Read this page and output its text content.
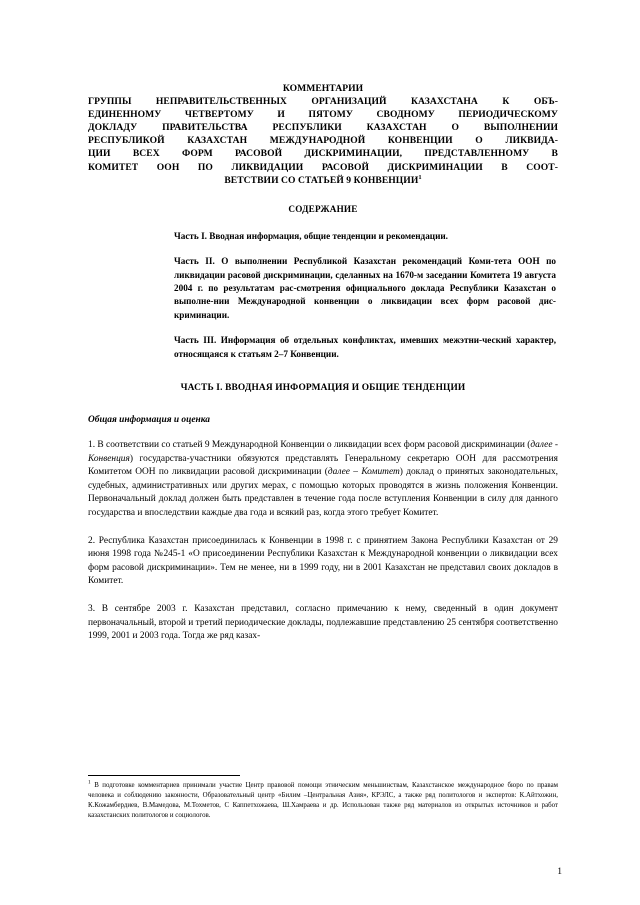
КОММЕНТАРИИ
ГРУППЫ НЕПРАВИТЕЛЬСТВЕННЫХ ОРГАНИЗАЦИЙ КАЗАХСТАНА К ОБЪ-
ЕДИНЕННОМУ ЧЕТВЕРТОМУ И ПЯТОМУ СВОДНОМУ ПЕРИОДИЧЕСКОМУ
ДОКЛАДУ ПРАВИТЕЛЬСТВА РЕСПУБЛИКИ КАЗАХСТАН О ВЫПОЛНЕНИИ
РЕСПУБЛИКОЙ КАЗАХСТАН МЕЖДУНАРОДНОЙ КОНВЕНЦИИ О ЛИКВИДА-
ЦИИ ВСЕХ ФОРМ РАСОВОЙ ДИСКРИМИНАЦИИ, ПРЕДСТАВЛЕННОМУ В
КОМИТЕТ ООН ПО ЛИКВИДАЦИИ РАСОВОЙ ДИСКРИМИНАЦИИ В СООТ-
ВЕТСТВИИ СО СТАТЬЕЙ 9 КОНВЕНЦИИ$^1$
СОДЕРЖАНИЕ
Часть I. Вводная информация, общие тенденции и рекомендации.
Часть II. О выполнении Республикой Казахстан рекомендаций Коми-тета ООН по ликвидации расовой дискриминации, сделанных на 1670-м заседании Комитета 19 августа 2004 г. по результатам рас-смотрения официального доклада Республики Казахстан о выполне-нии Международной конвенции о ликвидации всех форм расовой дис-криминации.
Часть III. Информация об отдельных конфликтах, имевших межэтни-ческий характер, относящаяся к статьям 2–7 Конвенции.
ЧАСТЬ I. ВВОДНАЯ ИНФОРМАЦИЯ И ОБЩИЕ ТЕНДЕНЦИИ
Общая информация и оценка
1. В соответствии со статьей 9 Международной Конвенции о ликвидации всех форм расовой дискриминации (далее - Конвенция) государства-участники обязуются представлять Генеральному секретарю ООН для рассмотрения Комитетом ООН по ликвидации расовой дискриминации (далее – Комитет) доклад о принятых законодательных, судебных, административных или других мерах, с помощью которых проводятся в жизнь положения Конвенции. Первоначальный доклад должен быть представлен в течение года после вступления Конвенции в силу для данного государства и впоследствии каждые два года и всякий раз, когда этого требует Комитет.
2. Республика Казахстан присоединилась к Конвенции в 1998 г. с принятием Закона Республики Казахстан от 29 июня 1998 года №245-1 «О присоединении Республики Казахстан к Международной конвенции о ликвидации всех форм расовой дискриминации». Тем не менее, ни в 1999 году, ни в 2001 Казахстан не представил своих докладов в Комитет.
3. В сентябре 2003 г. Казахстан представил, согласно примечанию к нему, сведенный в один документ первоначальный, второй и третий периодические доклады, подлежавшие представлению 25 сентября соответственно 1999, 2001 и 2003 года. Тогда же ряд казах-
$^1$ В подготовке комментариев принимали участие Центр правовой помощи этническим меньшинствам, Казахстанское международное бюро по правам человека и соблюдению законности, Образовательный центр «Билим –Центральная Азия», КРЭЛС, а также ряд политологов и экспертов: К.Айтхожин, К.Кожамбердиев, В.Мамедова, М.Тохметов, С Каппетхожаева, Ш.Хамраева и др. Использован также ряд материалов из открытых источников и работ казахстанских политологов и социологов.
1
